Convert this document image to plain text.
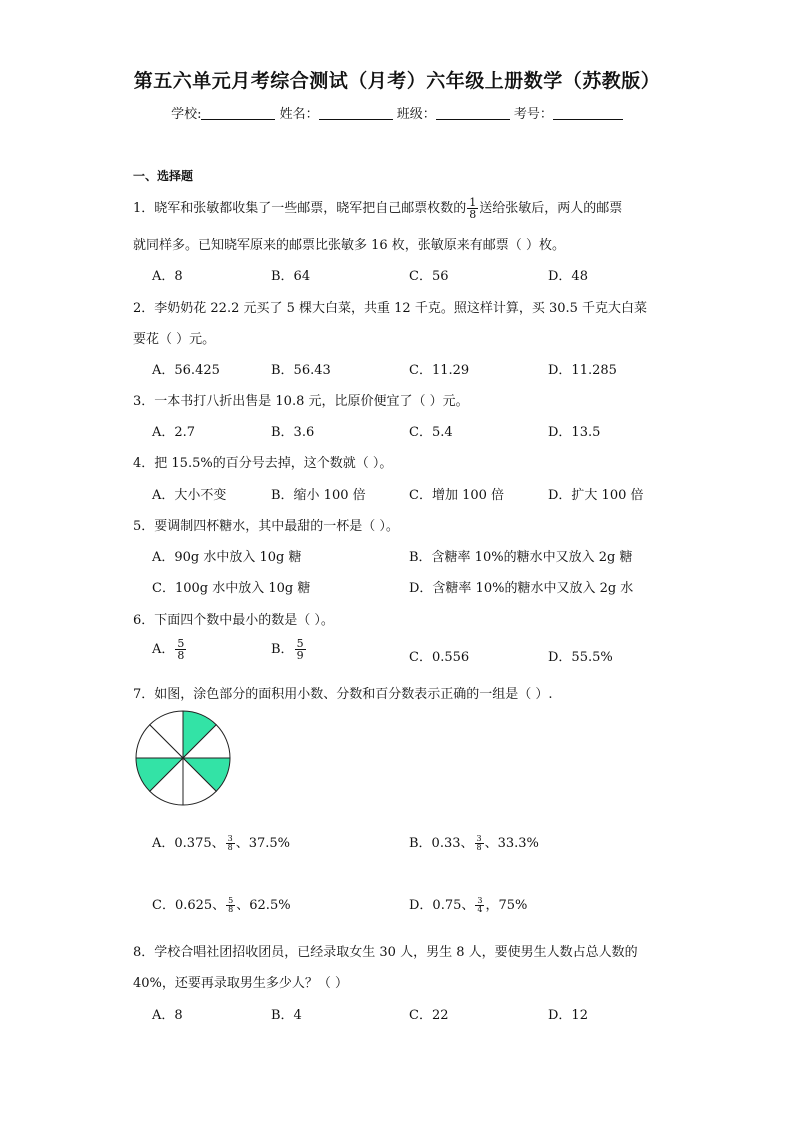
第五六单元月考综合测试（月考）六年级上册数学（苏教版）
学校:	姓名：	班级：	考号：
一、选择题
1．晓军和张敏都收集了一些邮票，晓军把自己邮票枚数的 $\frac{1}{8}$ 送给张敏后，两人的邮票
就同样多。已知晓军原来的邮票比张敏多 16 枚，张敏原来有邮票（ ）枚。
A．8	B．64	C．56	D．48
2．李奶奶花 22.2 元买了 5 棵大白菜，共重 12 千克。照这样计算，买 30.5 千克大白菜
要花（ ）元。
A．56.425	B．56.43	C．11.29	D．11.285
3．一本书打八折出售是 10.8 元，比原价便宜了（ ）元。
A．2.7	B．3.6	C．5.4	D．13.5
4．把 15.5%的百分号去掉，这个数就（ ）。
A．大小不变	B．缩小 100 倍	C．增加 100 倍	D．扩大 100 倍
5．要调制四杯糖水，其中最甜的一杯是（ ）。
A．90g 水中放入 10g 糖	B．含糖率 10%的糖水中又放入 2g 糖
C．100g 水中放入 10g 糖	D．含糖率 10%的糖水中又放入 2g 水
6．下面四个数中最小的数是（ ）。
A． $\frac{5}{8}$	B． $\frac{5}{9}$	C．0.556	D．55.5%
7．如图，涂色部分的面积用小数、分数和百分数表示正确的一组是（ ）.
A．0.375、 $\frac{3}{8}$ 、37.5%	B．0.33、 $\frac{3}{8}$ 、33.3%
C．0.625、 $\frac{5}{8}$ 、62.5%	D．0.75、 $\frac{3}{4}$ ，75%
8．学校合唱社团招收团员，已经录取女生 30 人，男生 8 人，要使男生人数占总人数的
40%，还要再录取男生多少人？（ ）
A．8	B．4	C．22	D．12
